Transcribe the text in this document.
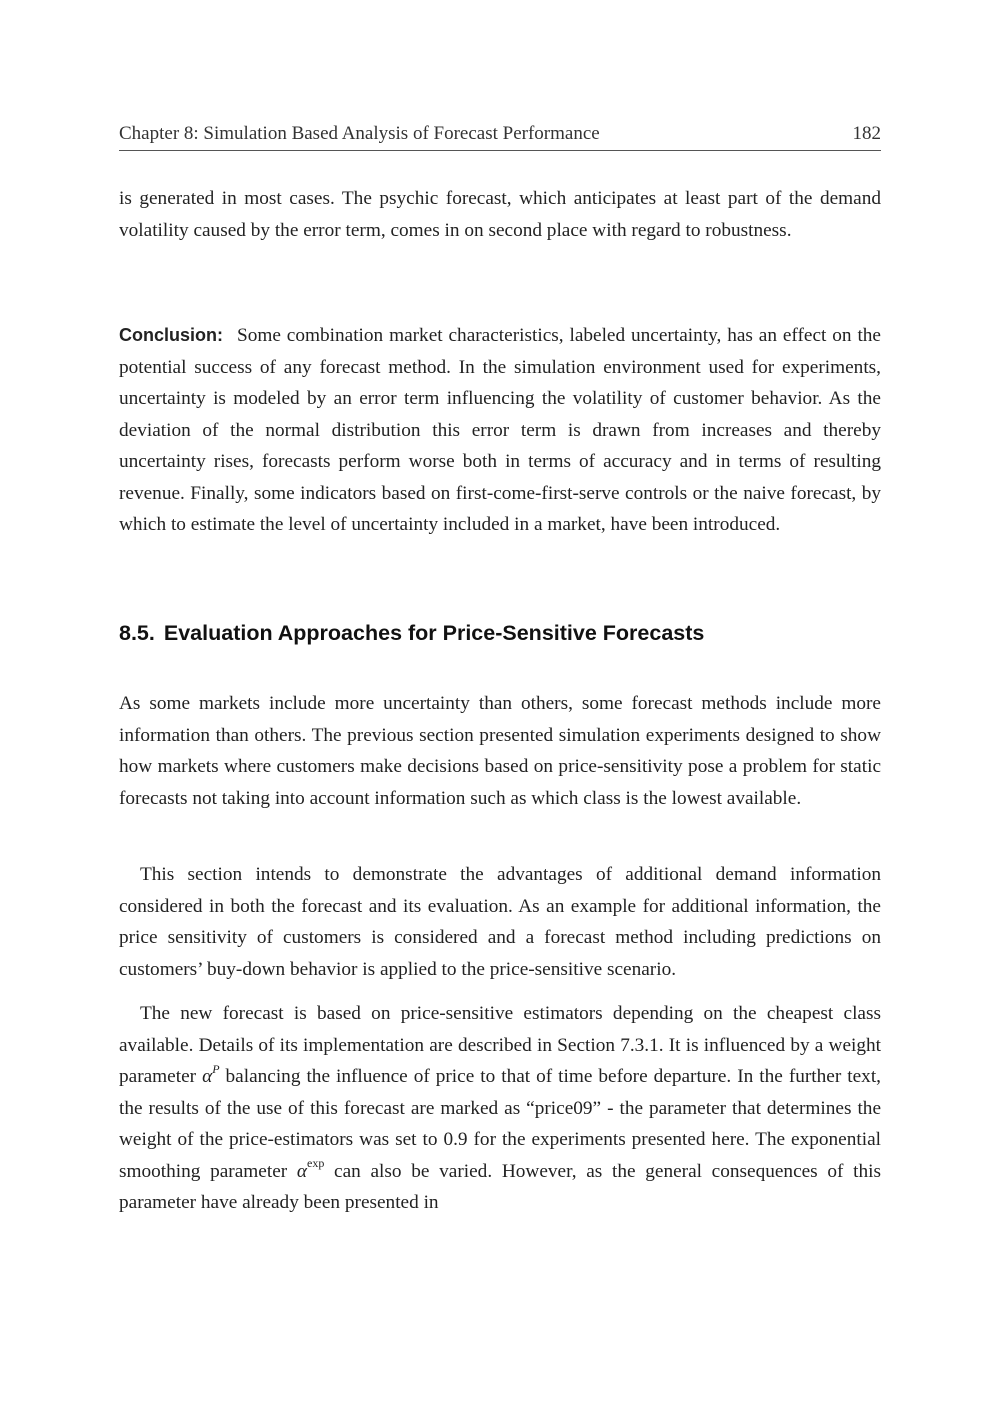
Chapter 8: Simulation Based Analysis of Forecast Performance	182

is generated in most cases. The psychic forecast, which anticipates at least part of the demand volatility caused by the error term, comes in on second place with regard to robustness.

Conclusion: Some combination market characteristics, labeled uncertainty, has an effect on the potential success of any forecast method. In the simulation environment used for experiments, uncertainty is modeled by an error term influencing the volatility of customer behavior. As the deviation of the normal distribution this error term is drawn from increases and thereby uncertainty rises, forecasts perform worse both in terms of accuracy and in terms of resulting revenue. Finally, some indicators based on first-come-first-serve controls or the naive forecast, by which to estimate the level of uncertainty included in a market, have been introduced.

8.5. Evaluation Approaches for Price-Sensitive Forecasts

As some markets include more uncertainty than others, some forecast methods include more information than others. The previous section presented simulation experiments designed to show how markets where customers make decisions based on price-sensitivity pose a problem for static forecasts not taking into account information such as which class is the lowest available.

This section intends to demonstrate the advantages of additional demand information considered in both the forecast and its evaluation. As an example for additional information, the price sensitivity of customers is considered and a forecast method including predictions on customers’ buy-down behavior is applied to the price-sensitive scenario.

The new forecast is based on price-sensitive estimators depending on the cheapest class available. Details of its implementation are described in Section 7.3.1. It is influenced by a weight parameter $\alpha^P$ balancing the influence of price to that of time before departure. In the further text, the results of the use of this forecast are marked as “price09” - the parameter that determines the weight of the price-estimators was set to 0.9 for the experiments presented here. The exponential smoothing parameter $\alpha^{exp}$ can also be varied. However, as the general consequences of this parameter have already been presented in
